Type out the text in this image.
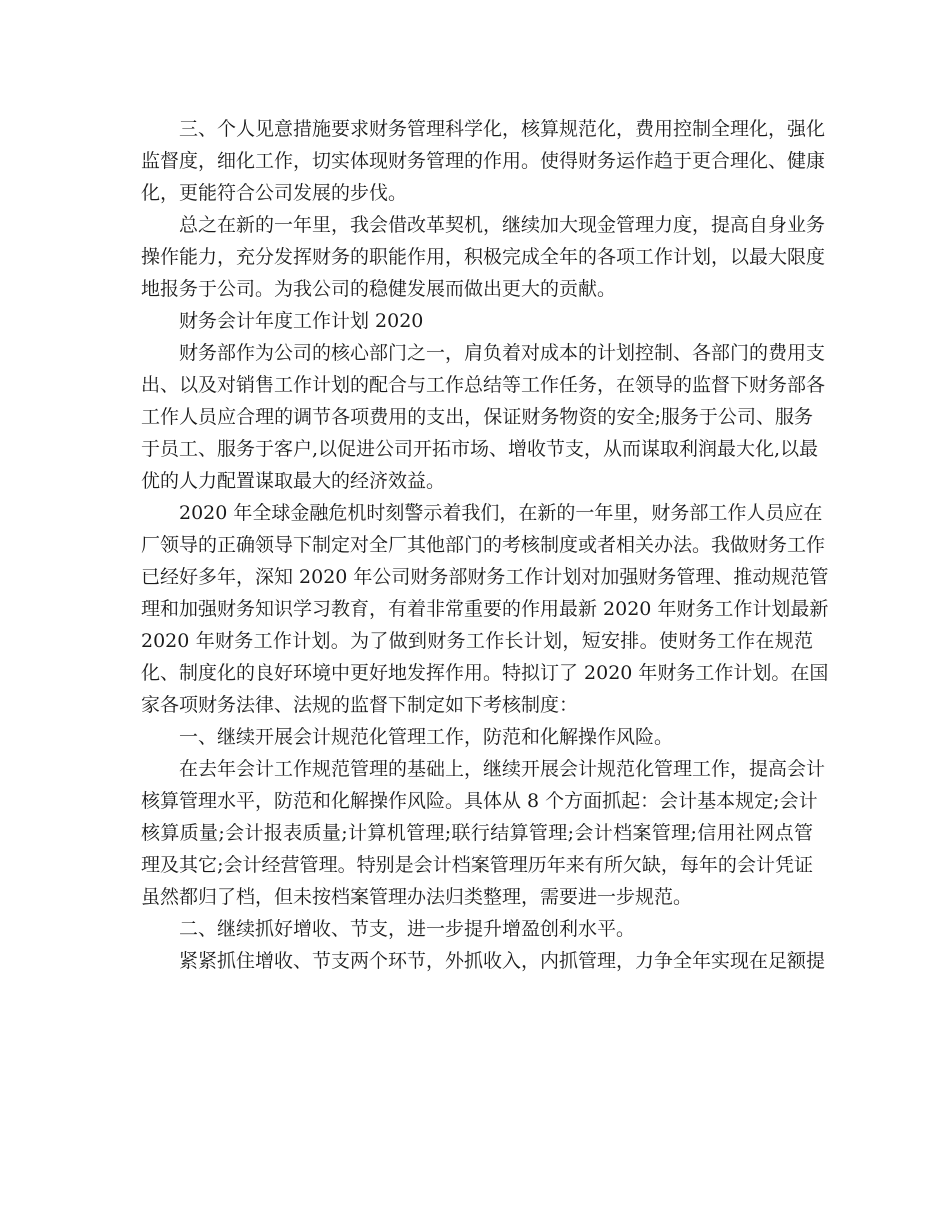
三、个人见意措施要求财务管理科学化，核算规范化，费用控制全理化，强化
监督度，细化工作，切实体现财务管理的作用。使得财务运作趋于更合理化、健康
化，更能符合公司发展的步伐。
总之在新的一年里，我会借改革契机，继续加大现金管理力度，提高自身业务
操作能力，充分发挥财务的职能作用，积极完成全年的各项工作计划，以最大限度
地报务于公司。为我公司的稳健发展而做出更大的贡献。
财务会计年度工作计划 2020
财务部作为公司的核心部门之一，肩负着对成本的计划控制、各部门的费用支
出、以及对销售工作计划的配合与工作总结等工作任务，在领导的监督下财务部各
工作人员应合理的调节各项费用的支出，保证财务物资的安全;服务于公司、服务
于员工、服务于客户,以促进公司开拓市场、增收节支，从而谋取利润最大化,以最
优的人力配置谋取最大的经济效益。
2020 年全球金融危机时刻警示着我们，在新的一年里，财务部工作人员应在
厂领导的正确领导下制定对全厂其他部门的考核制度或者相关办法。我做财务工作
已经好多年，深知 2020 年公司财务部财务工作计划对加强财务管理、推动规范管
理和加强财务知识学习教育，有着非常重要的作用最新 2020 年财务工作计划最新
2020 年财务工作计划。为了做到财务工作长计划，短安排。使财务工作在规范
化、制度化的良好环境中更好地发挥作用。特拟订了 2020 年财务工作计划。在国
家各项财务法律、法规的监督下制定如下考核制度：
一、继续开展会计规范化管理工作，防范和化解操作风险。
在去年会计工作规范管理的基础上，继续开展会计规范化管理工作，提高会计
核算管理水平，防范和化解操作风险。具体从 8 个方面抓起：会计基本规定;会计
核算质量;会计报表质量;计算机管理;联行结算管理;会计档案管理;信用社网点管
理及其它;会计经营管理。特别是会计档案管理历年来有所欠缺，每年的会计凭证
虽然都归了档，但未按档案管理办法归类整理，需要进一步规范。
二、继续抓好增收、节支，进一步提升增盈创利水平。
紧紧抓住增收、节支两个环节，外抓收入，内抓管理，力争全年实现在足额提
